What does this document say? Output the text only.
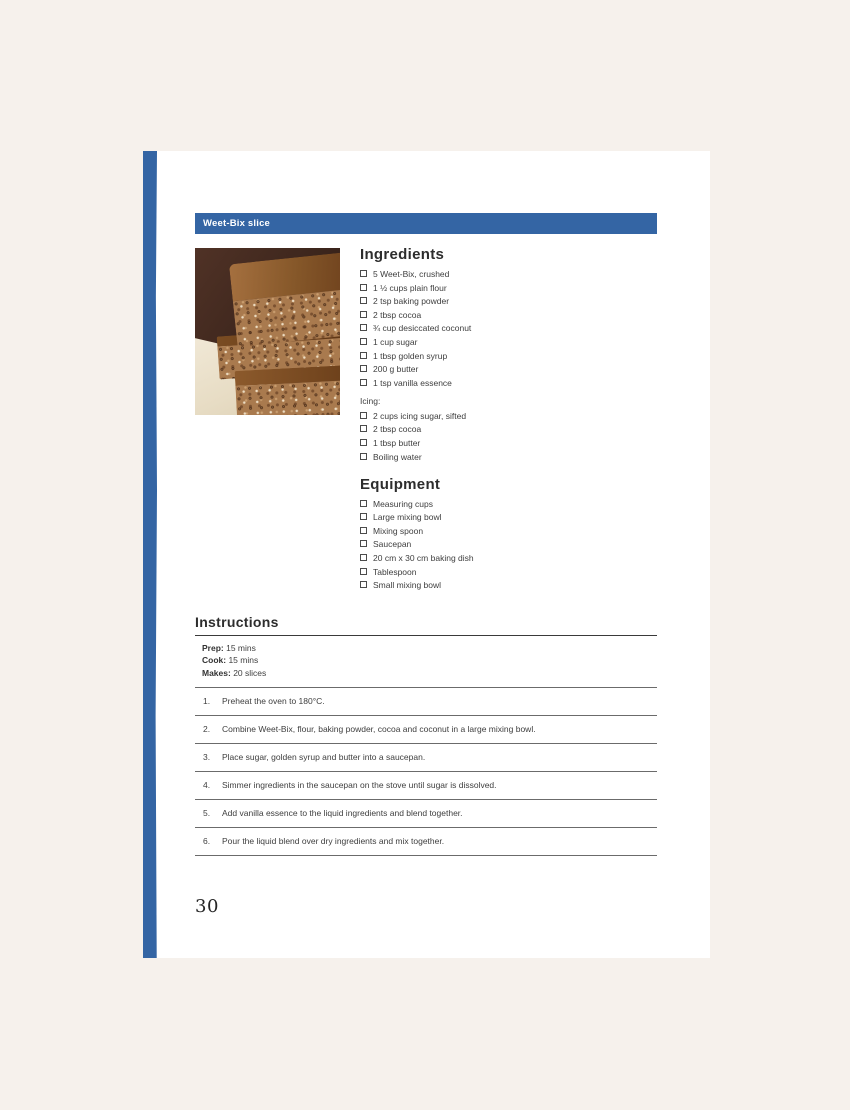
Weet-Bix slice
Ingredients
5 Weet-Bix, crushed
1 ½ cups plain flour
2 tsp baking powder
2 tbsp cocoa
¾ cup desiccated coconut
1 cup sugar
1 tbsp golden syrup
200 g butter
1 tsp vanilla essence
Icing:
2 cups icing sugar, sifted
2 tbsp cocoa
1 tbsp butter
Boiling water
Equipment
Measuring cups
Large mixing bowl
Mixing spoon
Saucepan
20 cm x 30 cm baking dish
Tablespoon
Small mixing bowl
Instructions
Prep: 15 mins
Cook: 15 mins
Makes: 20 slices
1.	Preheat the oven to 180°C.
2.	Combine Weet-Bix, flour, baking powder, cocoa and coconut in a large mixing bowl.
3.	Place sugar, golden syrup and butter into a saucepan.
4.	Simmer ingredients in the saucepan on the stove until sugar is dissolved.
5.	Add vanilla essence to the liquid ingredients and blend together.
6.	Pour the liquid blend over dry ingredients and mix together.
30
